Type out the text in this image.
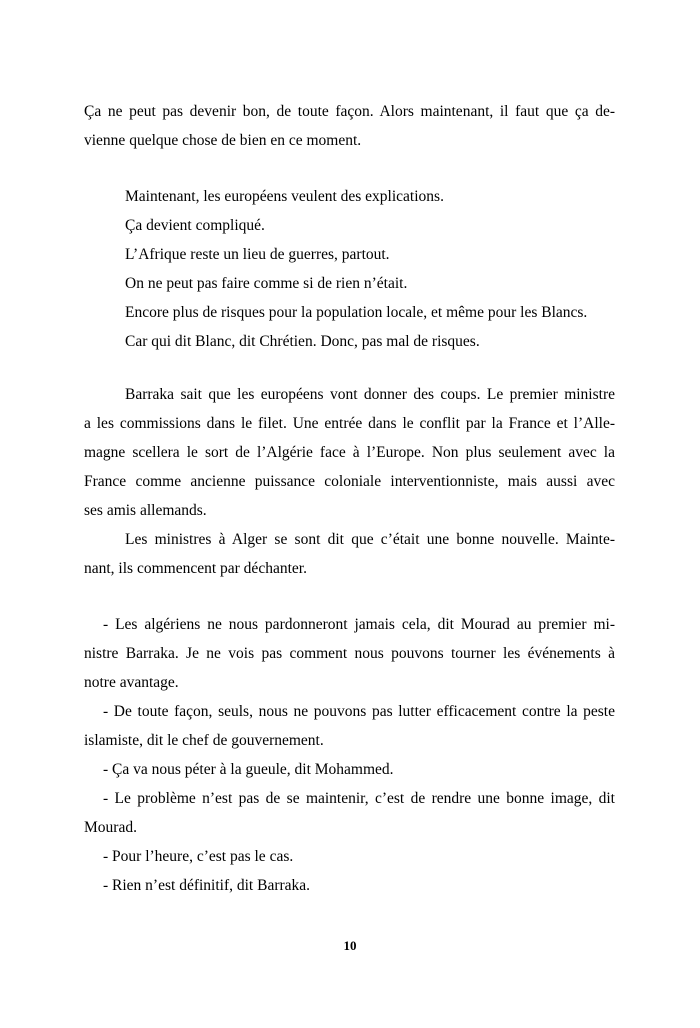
Ça ne peut pas devenir bon, de toute façon. Alors maintenant, il faut que ça de-
vienne quelque chose de bien en ce moment.
Maintenant, les européens veulent des explications.
Ça devient compliqué.
L’Afrique reste un lieu de guerres, partout.
On ne peut pas faire comme si de rien n’était.
Encore plus de risques pour la population locale, et même pour les Blancs.
Car qui dit Blanc, dit Chrétien. Donc, pas mal de risques.
Barraka sait que les européens vont donner des coups. Le premier ministre
a les commissions dans le filet. Une entrée dans le conflit par la France et l’Alle-
magne scellera le sort de l’Algérie face à l’Europe. Non plus seulement avec la
France comme ancienne puissance coloniale interventionniste, mais aussi avec
ses amis allemands.
Les ministres à Alger se sont dit que c’était une bonne nouvelle. Mainte-
nant, ils commencent par déchanter.
- Les algériens ne nous pardonneront jamais cela, dit Mourad au premier mi-
nistre Barraka. Je ne vois pas comment nous pouvons tourner les événements à
notre avantage.
- De toute façon, seuls, nous ne pouvons pas lutter efficacement contre la peste
islamiste, dit le chef de gouvernement.
- Ça va nous péter à la gueule, dit Mohammed.
- Le problème n’est pas de se maintenir, c’est de rendre une bonne image, dit
Mourad.
- Pour l’heure, c’est pas le cas.
- Rien n’est définitif, dit Barraka.
10
